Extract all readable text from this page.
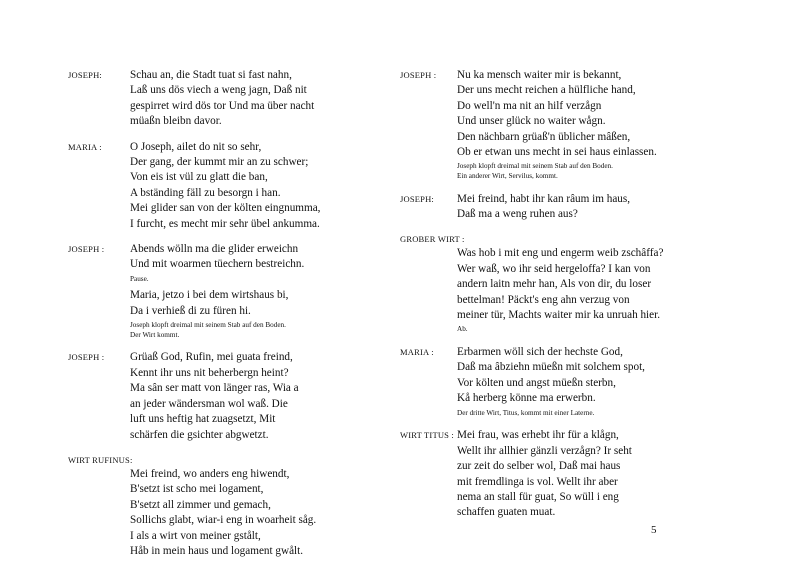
JOSEPH:	Schau an, die Stadt tuat si fast nahn,
Laß uns dös viech a weng jagn, Daß nit
gespirret wird dös tor Und ma über nacht
müaßn bleibn davor.
MARIA :	O Joseph, ailet do nit so sehr,
Der gang, der kummt mir an zu schwer;
Von eis ist vül zu glatt die ban,
A bständing fäll zu besorgn i han.
Mei glider san von der költen eingnumma,
I furcht, es mecht mir sehr übel ankumma.
JOSEPH : Abends wölln ma die glider erweichn
Und mit woarmen tüechern bestreichn.
Pause.
Maria, jetzo i bei dem wirtshaus bi,
Da i verhieß di zu füren hi.
Joseph klopft dreimal mit seinem Stab auf den Boden.
Der Wirt kommt.
JOSEPH : Grüaß God, Rufin, mei guata freind,
Kennt ihr uns nit beherbergn heint?
Ma sân ser matt von länger ras, Wia a
an jeder wändersman wol waß. Die
luft uns heftig hat zuagsetzt, Mit
schärfen die gsichter abgwetzt.
WIRT RUFINUS:
Mei freind, wo anders eng hiwendt,
B'setzt ist scho mei logament,
B'setzt all zimmer und gemach,
Sollichs glabt, wiar-i eng in woarheit såg.
I als a wirt von meiner gstålt,
Håb in mein haus und logament gwålt.
JOSEPH : Nu ka mensch waiter mir is bekannt,
Der uns mecht reichen a hülfliche hand,
Do well'n ma nit an hilf verzågn
Und unser glück no waiter wågn.
Den nächbarn grüaß'n üblicher mâßen,
Ob er etwan uns mecht in sei haus einlassen.
Joseph klopft dreimal mit seinem Stab auf den Boden.
Ein anderer Wirt, Servilus, kommt.
JOSEPH: Mei freind, habt ihr kan râum im haus,
Daß ma a weng ruhen aus?
GROBER WIRT :
Was hob i mit eng und engerm weib zschâffa?
Wer waß, wo ihr seid hergeloffa? I kan von
andern laitn mehr han, Als von dir, du loser
bettelman! Päckt's eng ahn verzug von
meiner tür, Machts waiter mir ka unruah hier.
Ab.
MARIA : Erbarmen wöll sich der hechste God,
Daß ma âbziehn müeßn mit solchem spot,
Vor költen und angst müeßn sterbn,
Kå herberg könne ma erwerbn.
Der dritte Wirt, Titus, kommt mit einer Laterne.
WIRT TITUS : Mei frau, was erhebt ihr für a klågn,
Wellt ihr allhier gänzli verzågn? Ir seht
zur zeit do selber wol, Daß mai haus
mit fremdlinga is vol. Wellt ihr aber
nema an stall für guat, So wüll i eng
schaffen guaten muat.
5
